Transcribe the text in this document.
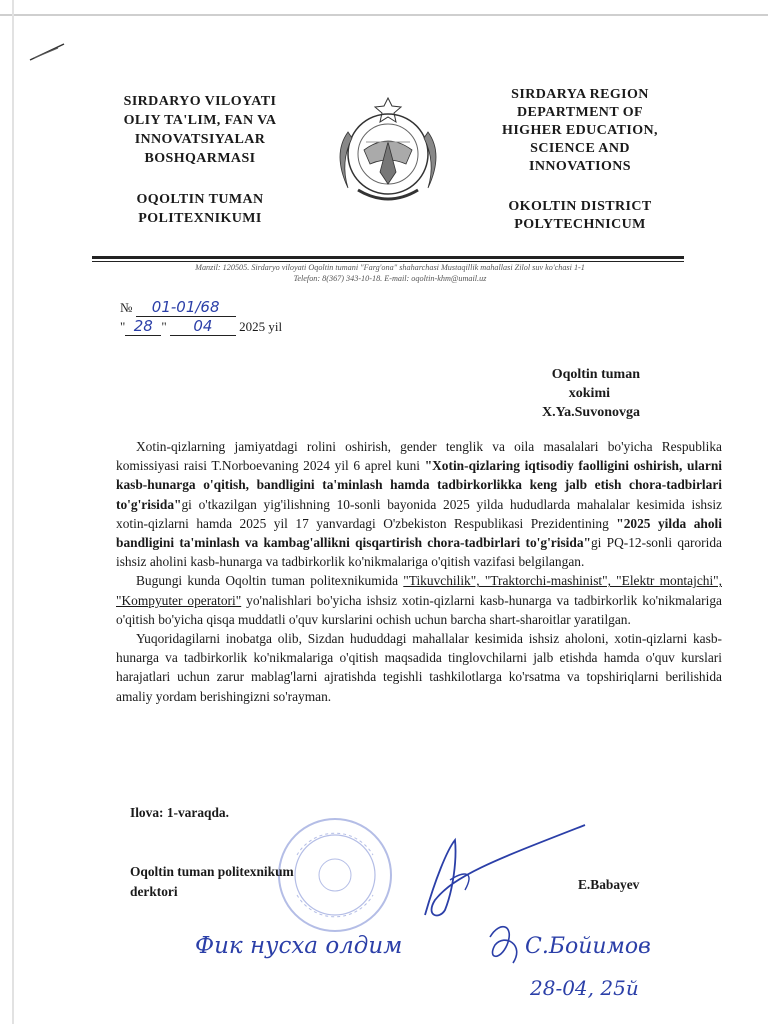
SIRDARYO VILOYATI
OLIY TA'LIM, FAN VA
INNOVATSIYALAR
BOSHQARMASI
OQOLTIN TUMAN
POLITEXNIKUMI
SIRDARYA REGION
DEPARTMENT OF
HIGHER EDUCATION,
SCIENCE AND
INNOVATIONS
OKOLTIN DISTRICT
POLYTECHNICUM
Manzil: 120505. Sirdaryo viloyati Oqoltin tumani "Farg'ona" shaharchasi Mustaqillik mahallasi Zilol suv ko'chasi 1-1
Telefon: 8(367) 343-10-18. E-mail: oqoltin-khm@umail.uz
№ 01-01/68
" 28 " 04 2025 yil
Oqoltin tuman
xokimi
X.Ya.Suvonovga

Xotin-qizlarning jamiyatdagi rolini oshirish, gender tenglik va oila masalalari bo'yicha Respublika komissiyasi raisi T.Norboevaning 2024 yil 6 aprel kuni "Xotin-qizlaring iqtisodiy faolligini oshirish, ularni kasb-hunarga o'qitish, bandligini ta'minlash hamda tadbirkorlikka keng jalb etish chora-tadbirlari to'g'risida"gi o'tkazilgan yig'ilishning 10-sonli bayonida 2025 yilda hududlarda mahalalar kesimida ishsiz xotin-qizlarni hamda 2025 yil 17 yanvardagi O'zbekiston Respublikasi Prezidentining "2025 yilda aholi bandligini ta'minlash va kambag'allikni qisqartirish chora-tadbirlari to'g'risida"gi PQ-12-sonli qarorida ishsiz aholini kasb-hunarga va tadbirkorlik ko'nikmalariga o'qitish vazifasi belgilangan.

Bugungi kunda Oqoltin tuman politexnikumida "Tikuvchilik", "Traktorchi-mashinist", "Elektr montajchi", "Kompyuter operatori" yo'nalishlari bo'yicha ishsiz xotin-qizlarni kasb-hunarga va tadbirkorlik ko'nikmalariga o'qitish bo'yicha qisqa muddatli o'quv kurslarini ochish uchun barcha shart-sharoitlar yaratilgan.

Yuqoridagilarni inobatga olib, Sizdan hududdagi mahallalar kesimida ishsiz aholoni, xotin-qizlarni kasb-hunarga va tadbirkorlik ko'nikmalariga o'qitish maqsadida tinglovchilarni jalb etishda hamda o'quv kurslari harajatlari uchun zarur mablag'larni ajratishda tegishli tashkilotlarga ko'rsatma va topshiriqlarni berilishida amaliy yordam berishingizni so'rayman.

Ilova: 1-varaqda.
Oqoltin tuman politexnikum
derktori	E.Babayev
Фик нусха олдим	С.Бойимов
28-04, 25й
